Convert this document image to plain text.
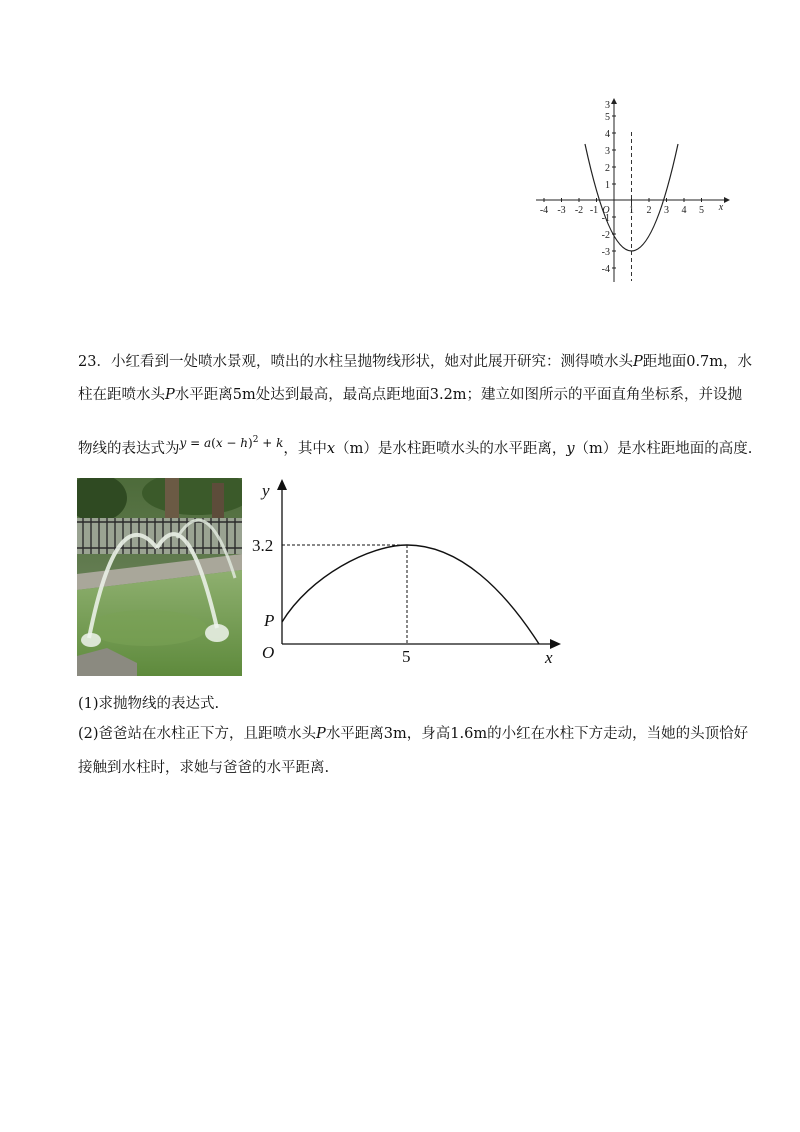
-4 -3 -2 -1 O 1 2 3 4 5 x
3
5
4
3
2
1
-1
-2
-3
-4
23．小红看到一处喷水景观，喷出的水柱呈抛物线形状，她对此展开研究：测得喷水头P距地面0.7m，水
柱在距喷水头P水平距离5m处达到最高，最高点距地面3.2m；建立如图所示的平面直角坐标系，并设抛
物线的表达式为$^{y = a(x - h)^2 + k}$，其中x（m）是水柱距喷水头的水平距离，y（m）是水柱距地面的高度.
y
x
O
3.2
5
P
(1)求抛物线的表达式.
(2)爸爸站在水柱正下方，且距喷水头P水平距离3m，身高1.6m的小红在水柱下方走动，当她的头顶恰好
接触到水柱时，求她与爸爸的水平距离.
